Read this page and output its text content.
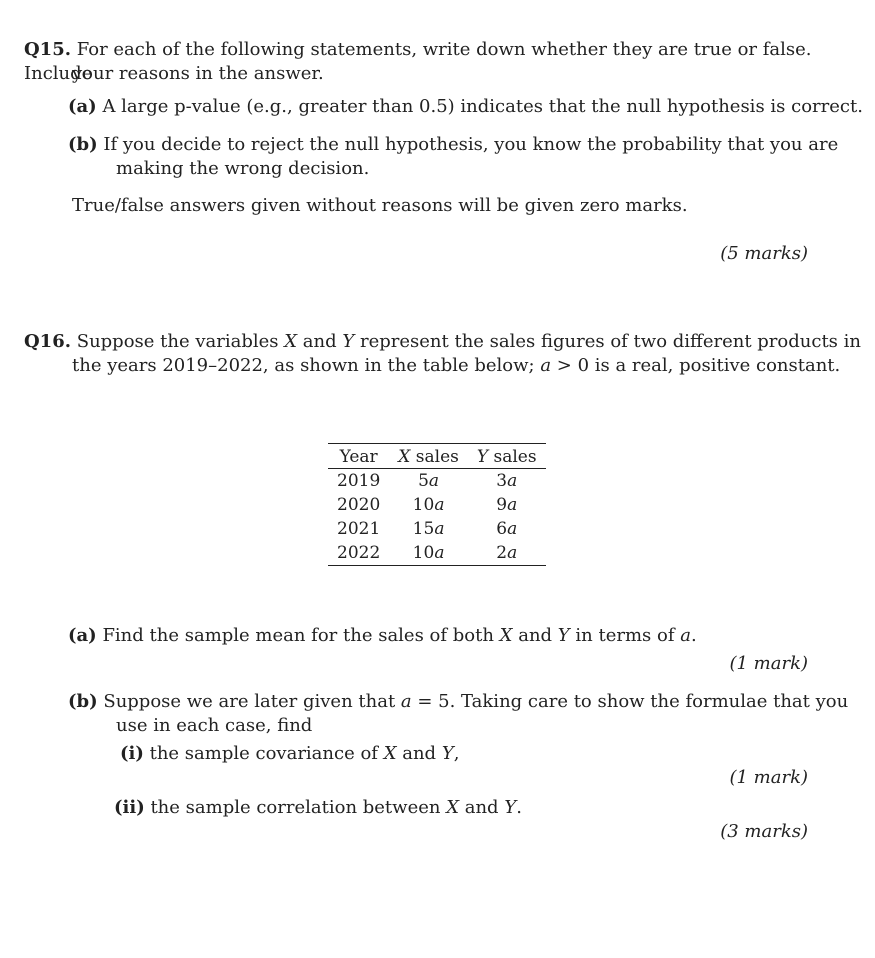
Q15. For each of the following statements, write down whether they are true or false. Include
your reasons in the answer.
(a) A large p-value (e.g., greater than 0.5) indicates that the null hypothesis is correct.
(b) If you decide to reject the null hypothesis, you know the probability that you are
making the wrong decision.
True/false answers given without reasons will be given zero marks.
(5 marks)
Q16. Suppose the variables X and Y represent the sales figures of two different products in
the years 2019–2022, as shown in the table below; a > 0 is a real, positive constant.
Year	X sales	Y sales
2019	5a	3a
2020	10a	9a
2021	15a	6a
2022	10a	2a
(a) Find the sample mean for the sales of both X and Y in terms of a.
(1 mark)
(b) Suppose we are later given that a = 5. Taking care to show the formulae that you
use in each case, find
(i) the sample covariance of X and Y,
(1 mark)
(ii) the sample correlation between X and Y.
(3 marks)
